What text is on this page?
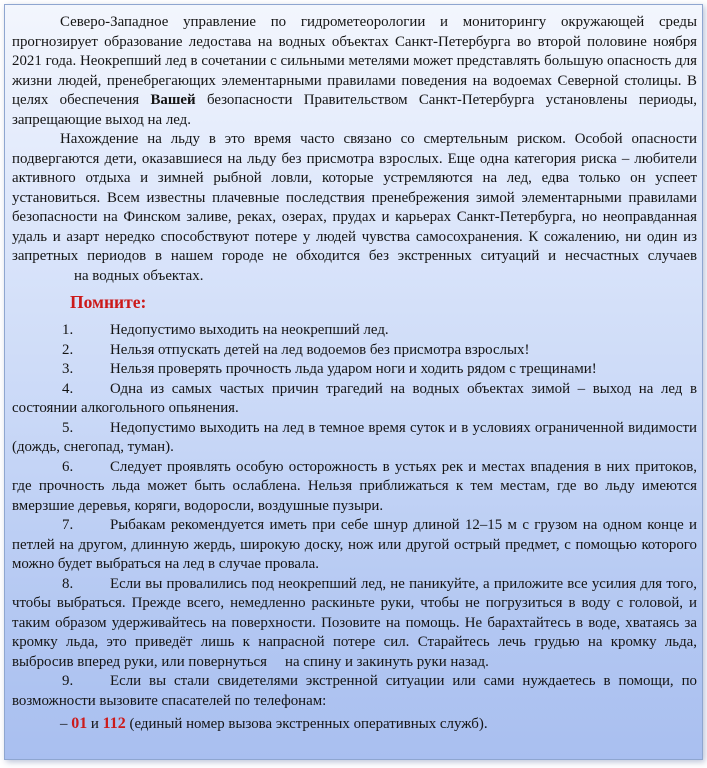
Северо-Западное управление по гидрометеорологии и мониторингу окружающей среды прогнозирует образование ледостава на водных объектах Санкт-Петербурга во второй половине ноября 2021 года. Неокрепший лед в сочетании с сильными метелями может представлять большую опасность для жизни людей, пренебрегающих элементарными правилами поведения на водоемах Северной столицы. В целях обеспечения Вашей безопасности Правительством Санкт-Петербурга установлены периоды, запрещающие выход на лед.

Нахождение на льду в это время часто связано со смертельным риском. Особой опасности подвергаются дети, оказавшиеся на льду без присмотра взрослых. Еще одна категория риска – любители активного отдыха и зимней рыбной ловли, которые устремляются на лед, едва только он успеет установиться. Всем известны плачевные последствия пренебрежения зимой элементарными правилами безопасности на Финском заливе, реках, озерах, прудах и карьерах Санкт-Петербурга, но неоправданная удаль и азарт нередко способствуют потере у людей чувства самосохранения. К сожалению, ни один из запретных периодов в нашем городе не обходится без экстренных ситуаций и несчастных случаевна водных объектах.

Помните:

1. Недопустимо выходить на неокрепший лед.

2. Нельзя отпускать детей на лед водоемов без присмотра взрослых!

3. Нельзя проверять прочность льда ударом ноги и ходить рядом с трещинами!

4. Одна из самых частых причин трагедий на водных объектах зимой – выход на лед в состоянии алкогольного опьянения.

5. Недопустимо выходить на лед в темное время суток и в условиях ограниченной видимости (дождь, снегопад, туман).

6. Следует проявлять особую осторожность в устьях рек и местах впадения в них притоков, где прочность льда может быть ослаблена. Нельзя приближаться к тем местам, где во льду имеются вмерзшие деревья, коряги, водоросли, воздушные пузыри.

7. Рыбакам рекомендуется иметь при себе шнур длиной 12–15 м с грузом на одном конце и петлей на другом, длинную жердь, широкую доску, нож или другой острый предмет, с помощью которого можно будет выбраться на лед в случае провала.

8. Если вы провалились под неокрепший лед, не паникуйте, а приложите все усилия для того, чтобы выбраться. Прежде всего, немедленно раскиньте руки, чтобы не погрузиться в воду с головой, и таким образом удерживайтесь на поверхности. Позовите на помощь. Не барахтайтесь в воде, хватаясь за кромку льда, это приведёт лишь к напрасной потере сил. Старайтесь лечь грудью на кромку льда, выбросив вперед руки, или повернуться на спину и закинуть руки назад.

9. Если вы стали свидетелями экстренной ситуации или сами нуждаетесь в помощи, по возможности вызовите спасателей по телефонам:

– 01 и 112 (единый номер вызова экстренных оперативных служб).
